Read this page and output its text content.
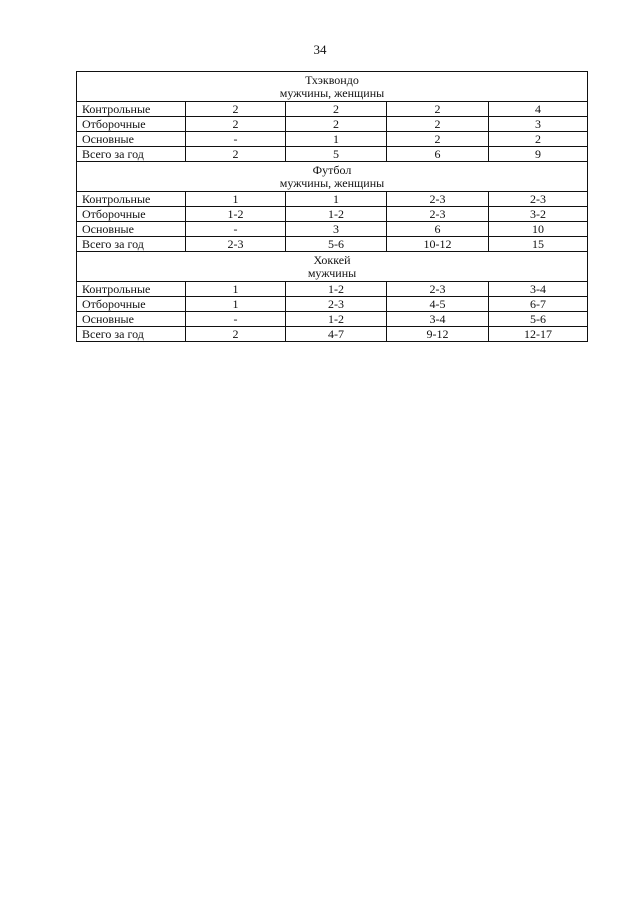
34
Тхэквондо
мужчины, женщины				

Контрольные	2	2	2	4
Отборочные	2	2	2	3
Основные	-	1	2	2
Всего за год	2	5	6	9

Футбол
мужчины, женщины				

Контрольные	1	1	2-3	2-3
Отборочные	1-2	1-2	2-3	3-2
Основные	-	3	6	10
Всего за год	2-3	5-6	10-12	15

Хоккей
мужчины				

Контрольные	1	1-2	2-3	3-4
Отборочные	1	2-3	4-5	6-7
Основные	-	1-2	3-4	5-6
Всего за год	2	4-7	9-12	12-17
